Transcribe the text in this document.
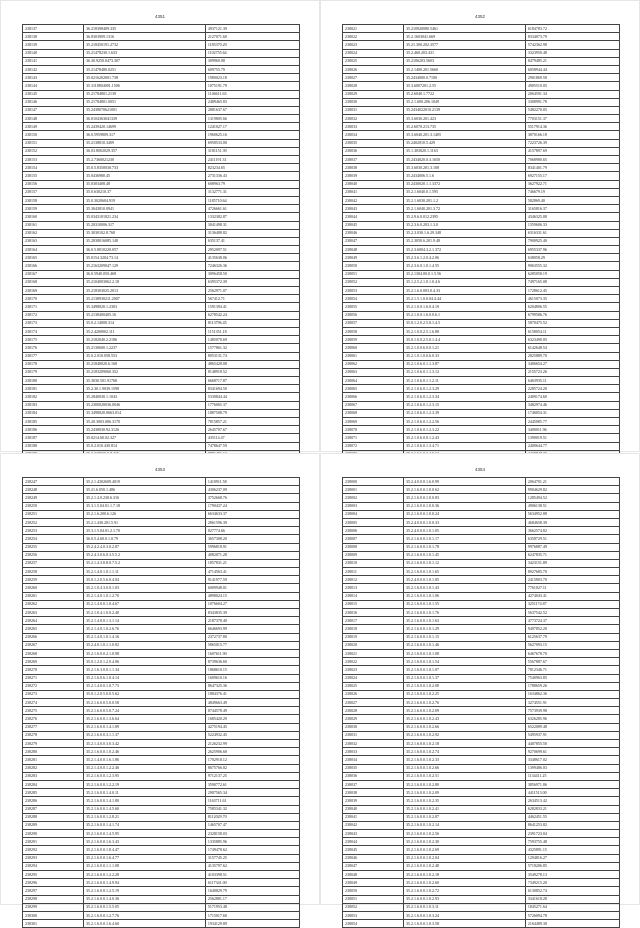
4351
238137	36.218398409.335	4937121.39
238138	36.8303909.1316	2127071.60
238139	35.218450191.2732	1185370.29
238140	35.21478230.1.633	1102755.64
238141	36.30.9250.0473.307	309960.08
238142	35.21478480.0251	609755.79
238143	35.0216202001.738	1980023.18
238144	35.3118804001.1506	1075191.79
238145	35.21784801.2139	1146611.63
238146	35.21784801.0051	2489465.83
238147	35.2438070621001	2881637.67
238148	36.0104363041339	1319805.66
238149	35.2439420.14699	1241027.17
238150	36.0.5959809.317	1960625.16
238151	35.2138810.3409	6958533.00
238152	36.03.8002029.357	3181151.39
238153	35.2.7360021230	2411191.31
238154	35.0.5.8350030.733	823234.65
238155	35.0436980.45	2731336.43
238156	35.0303408.48	608963.79
238157	35.0.630210.37	3132771.31
238158	35.0.3020604.919	1185710.64
238159	35.3043810.0941	4726661.61
238160	35.0343101821.234	1332382.87
238161	35.20310006.317	3041498.31
238162	35.3030102.8.768	3136408.82
238163	35.2838016085.148	635137.41
238164	36.0.5.8010220.057	2952097.51
238165	35.0154.3204.73.14	4135638.06
238166	35.2163209047.129	7246326.36
238167	36.0.5940.050.468	3096458.50
238168	35.2104003062.2.18	6395372.39
238169	35.218303025.2013	2562971.07
238170	35.2138930211.2007	567412.71
238171	35.3498020.1.2303	1591394.41
238172	35.2138400405.16	6278542.24
238173	35.0.2.14000.314	8113796.45
238174	35.2.4200002.111	1151351.18
238175	35.2182040.2.2186	1485070.69
238176	35.2130600.1.2237	1577861.32
238177	35.0.2.010.058.553	8053131.74
238178	35.21840020.6.168	4865428.08
238179	35.2183209060.352	8148918.52
238180	35.3030.501.91768	6668717.87
238181	35.2.30.1.9039.1598	8341694.50
238182	35.2840030.1.1043	5330844.44
238183	35.2300020036.0046	1776065.37
238184	35.3498020.0663.014	1887508.79
238185	35.20.3003.006.3170	7815857.21
238186	35.2438030.92.3126	2645707.67
238187	35.0214.60.02.327	435114.47
238188	35.0.2.010.430.814	7478647.59

4352
238021	35.210920080.5461	6184783.72
238022	35.2.1603041.669	8334073.79
238023	35.21.300.202.3577	5742362.98
238024	35.2.460.203.431	3323950.48
238025	35.2106203.5603	8479485.21
238026	35.2.1400.201.5660	6058944.44
238027	35.2434000.0.7100	2901869.58
238028	35.3.6007201.2.55	4905510.05
238029	35.2.6040.1.7722	2064591.34
238030	35.2.1.600.206.1049	3308991.78
238031	35.2434022010.2139	5482270.05
238032	35.3.6030.201.423	7703151.37
238033	35.2.6070.213.735	5517914.36
238034	35.3.6040.201.3.1405	3870166.18
238035	35.2402010.5.429	7223726.39
238036	35.1.303020.1.1163	4157897.69
238037	35.2434020.0.3.1650	7068980.65
238038	35.3.6030.201.3.108	8341401.79
238039	35.2434006.5.1.6	6927155.17
238040	35.2430020.1.1.3372	3627922.71
238041	35.2.1.6040.0.1.595	746679.19
238042	35.2.1.6030.201.1.2	582869.40
238043	35.2.1.6040.201.3.72	3165816.37
238044	35.2.9.6.0.012.2395	4346325.08
238045	35.2.3.6.0.203.1.3.0	1359606.33
238046	35.2.3.030.1.6.29.348	6316331.61
238047	35.2.3050.6.201.9.48	7900925.40
238048	35.2.3.6004.3.2.1.372	6955337.96
238049	35.2.3.6.1.2.0.4.2.06	638058.29
238050	35.2.3.6.0.1.0.1.4.55	9063555.32
238051	35.2.1304.00.0.1.5.56	6285058.19
238052	35.1.2.5.2.1.0.1.0.4.6	7497165.08
238053	35.2.1.6.0.003.0.4.33	1728612.45
238054	35.2.1.5.1.0.0.04.4.44	4615073.35
238055	35.2.1.0.0.1.6.0.4.19	6204806.55
238056	35.2.1.0.0.1.6.0.0.6.1	6799586.76
238057	35.0.1.2.0.2.5.0.1.4.5	5870475.52
238058	35.2.1.0.0.2.5.1.6.88	6158054.11
238059	35.0.1.0.0.2.5.0.1.4.4	6323490.05
238060	35.2.1.0.0.6.0.0.1.21	6142648.54
238061	35.2.1.0.1.0.0.6.0.33	2825889.70
238062	35.2.1.0.6.0.1.1.3.87	3406654.27
238063	35.2.1.0.6.0.1.1.3.12	2155723.26
238064	35.2.1.0.6.0.1.1.2.11	6463935.11
238065	35.2.1.0.6.0.1.2.3.29	2285724.20
238066	35.2.1.0.6.0.1.2.3.34	2409174.60
238067	35.2.1.0.6.0.1.2.3.15	3482974.46
238068	35.2.1.0.6.0.1.2.3.39	1746054.31
238069	35.2.1.0.6.0.1.2.2.56	2445085.77
238070	35.2.1.0.6.0.1.2.3.22	3400011.96
238071	35.2.1.0.6.0.0.1.2.43	1390019.51
238072	35.2.1.0.6.0.1.3.4.71	2400644.77

4353
238247	35.2.1.4302609.4019	1410911.58
238248	35.21.6.050.1.486	4306237.09
238249	35.2.1.4.0.230.6.316	3752668.76
238250	35.3.1.5.04.01.1.7.18	1790437.24
238251	35.2.1.6.200.6.126	6634633.37
238252	35.2.1.430.201.5.91	2861596.39
238253	35.3.1.5.04.01.2.1.70	827774.66
238254	36.0.5.4.60.0.1.0.79	3657308.20
238255	35.2.4.2.4.0.3.0.2.87	5996818.91
238256	35.2.4.3.0.6.0.3.5.5.2	4082071.28
238257	35.2.1.4.3.0.8.0.7.5.2	1857831.21
238258	35.2.1.4.0.1.0.1.1.11	4714563.41
238259	35.0.1.2.0.5.6.0.4.04	9141977.59
238260	35.2.1.0.4.3.0.0.1.03	6009948.01
238261	35.2.1.4.0.1.0.1.2.70	4898024.15
238262	35.2.1.4.0.0.1.0.4.67	1076604.27
238263	35.2.1.0.4.1.0.0.2.40	8343835.39
238264	35.2.1.4.0.0.1.3.1.14	2187378.40
238265	35.2.1.4.0.1.0.2.6.76	6646693.99
238266	35.2.1.4.0.1.0.1.4.16	2372737.80
238267	35.2.4.0.1.0.1.1.0.82	5865015.77
238268	35.2.1.6.0.0.2.1.0.98	1607611.90
238269	35.0.1.2.0.1.2.0.4.06	8739636.60
238270	35.2.1.6.3.0.0.1.1.34	1868610.15
238271	35.2.1.6.0.6.1.0.4.14	1609610.16
238272	35.2.1.4.0.0.1.0.7.73	8647325.36
238273	35.0.1.2.0.5.0.0.5.62	1884376.41
238274	35.2.1.6.0.0.5.0.0.58	4849663.49
238275	35.2.1.6.0.0.5.0.7.24	8744578.49
238276	35.2.1.6.0.0.1.3.6.64	1685420.29
238277	35.2.1.6.0.0.1.4.1.89	4275194.45
238278	35.2.1.6.0.0.3.1.1.37	5224932.45
238279	35.2.1.4.0.0.3.0.3.42	2126232.99
238280	35.2.1.6.0.0.1.0.2.46	2625906.60
238281	35.2.1.4.0.0.1.6.1.86	1702910.12
238282	35.2.1.4.0.0.1.2.2.46	8675766.02
238283	35.2.1.6.0.0.1.2.3.95	9712137.25
238284	35.2.1.6.0.0.1.2.2.19	3590772.61
238285	35.2.1.6.0.0.1.4.0.11	2907565.34
238286	35.2.1.6.0.0.1.4.1.80	1163711.61
238287	35.2.1.6.0.0.1.4.5.60	7585341.32
238288	35.2.1.6.0.0.1.2.8.21	8112029.70
238289	35.2.1.6.0.0.1.4.1.74	1465707.47
238290	35.2.1.6.0.0.1.4.5.95	2328158.03
238291	35.2.1.6.0.0.1.6.3.43	1335885.96
238292	35.2.1.6.0.0.1.8.4.47	1749478.62
238293	35.2.1.6.0.0.1.6.4.77	3157745.25
238294	35.2.1.6.0.0.1.1.1.08	4135797.62
238295	35.2.1.6.0.0.1.2.2.28	4103398.51
238296	35.2.1.6.0.0.1.4.9.94	6117341.00
238297	35.2.1.6.0.0.1.2.5.19	1640829.79
238298	35.2.1.6.0.0.1.4.0.36	2562881.17
238299	35.2.1.6.0.0.1.5.5.05	5171953.48
238300	35.2.1.6.0.0.1.2.7.76	1715017.60
238301	35.2.1.6.0.0.1.6.4.60	1934129.89
4354
238000	35.2.4.0.0.0.1.6.0.99	2064701.21
238001	35.2.1.6.0.0.1.0.0.62	9904629.82
238002	35.2.1.6.0.0.1.0.0.83	1285494.52
238003	35.2.1.6.0.0.1.0.0.36	4906138.51
238004	35.2.1.6.0.0.1.0.0.24	5634952.88
238005	35.2.4.0.0.0.1.0.0.33	4684658.39
238006	35.2.4.0.0.0.1.0.1.05	3662574.82
238007	35.2.1.6.0.0.1.0.1.17	6358729.51
238008	35.2.1.6.0.0.1.0.1.78	9976887.49
238009	35.2.1.6.0.0.1.0.1.45	6247835.71
238010	35.2.1.6.0.0.1.0.1.12	3423151.89
238011	35.2.1.6.0.0.1.0.1.65	8927685.70
238012	35.2.4.0.0.0.1.0.1.85	2415803.70
238013	35.2.1.6.0.0.1.0.1.43	7761027.11
238014	35.2.1.6.0.0.1.0.1.06	4274043.41
238015	35.2.1.6.0.0.1.0.1.55	3251174.87
238016	35.2.1.6.0.0.1.0.1.76	5637542.52
238017	35.2.1.6.0.0.1.0.1.63	4773724.37
238018	35.2.1.6.0.0.1.0.1.29	9497852.20
238019	35.2.1.6.0.0.1.0.1.15	6125637.79
238020	35.2.1.6.0.0.1.0.1.46	5627093.15
238021	35.2.1.6.0.0.1.0.1.08	6467678.70
238022	35.2.1.6.0.0.1.0.1.54	5567887.67
238023	35.2.1.6.0.0.1.0.1.07	7812346.71
238024	35.2.1.6.0.0.1.0.1.37	7540963.85
238025	35.2.1.6.0.0.1.0.2.08	1788659.26
238026	35.2.1.6.0.0.1.0.2.25	1634862.36
238027	35.2.1.6.0.0.1.0.2.76	3274551.91
238028	35.2.1.6.0.0.1.0.2.09	7573939.98
238029	35.2.1.6.0.0.1.0.2.43	6326285.96
238030	35.2.1.6.0.0.1.0.2.66	6522089.48
238031	35.2.1.6.0.0.1.0.2.92	5495937.91
238032	35.2.1.6.0.0.1.0.2.18	4407855.50
238033	35.2.1.6.0.0.1.0.2.74	9270699.61
238034	35.2.1.6.0.0.1.0.2.33	3348617.02
238035	35.2.1.6.0.0.1.0.2.66	1399486.03
238036	35.2.1.6.0.0.1.0.2.51	1134411.25
238037	35.2.1.6.0.0.1.0.2.80	3856971.86
238038	35.2.1.6.0.0.1.0.2.09	4411513.00
238039	35.2.1.6.0.0.1.0.2.35	2634513.42
238040	35.2.1.6.0.0.1.0.2.41	6282833.21
238041	35.2.1.6.0.0.1.0.2.87	4462451.55
238042	35.2.1.6.0.0.1.0.2.14	8641253.82
238043	35.2.1.6.0.0.1.0.2.56	2391723.04
238044	35.2.1.6.0.0.1.0.2.30	7593755.48
238045	35.2.1.6.0.0.1.0.2.69	4325891.15
238046	35.2.1.6.0.0.1.0.2.04	1294816.27
238047	35.2.1.6.0.0.1.0.2.48	5718206.85
238048	35.2.1.6.0.0.1.0.2.18	3549278.13
238049	35.2.1.6.0.0.1.0.2.60	7349215.20
238050	35.2.1.6.0.0.1.0.2.72	6130852.74
238051	35.2.1.6.0.0.1.0.2.93	3341618.28
238052	35.2.1.6.0.0.1.0.3.11	1845271.64
238053	35.2.1.6.0.0.1.0.3.24	5726094.78
238054	35.2.1.6.0.0.1.0.3.58	2164489.30
